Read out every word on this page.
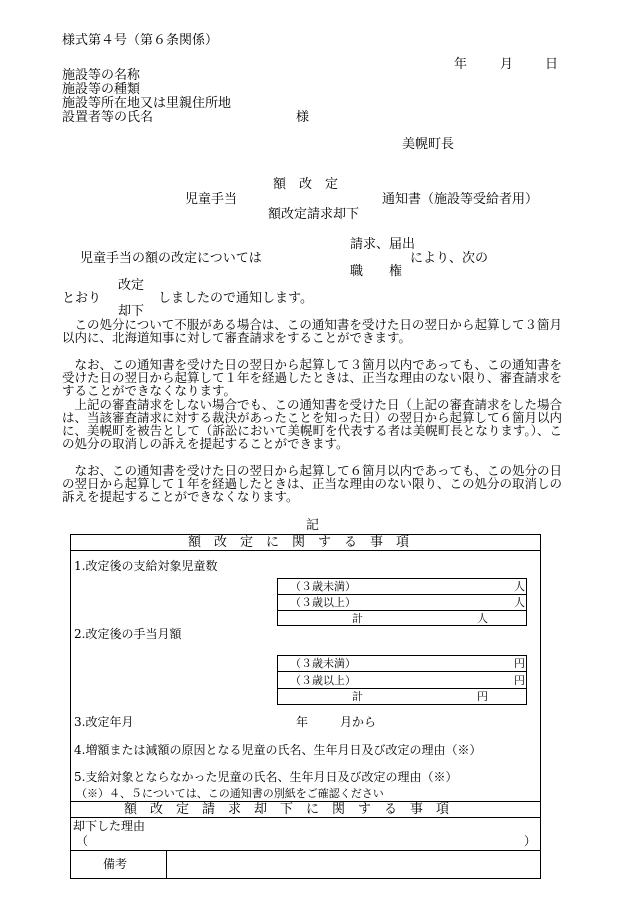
様式第４号（第６条関係）
年	月 日
施設等の名称
施設等の種類
施設等所在地又は里親住所地
設置者等の氏名	様
美幌町長
額　改　定
児童手当	通知書（施設等受給者用）
額改定請求却下
請求、届出
児童手当の額の改定については	により、次の
職　　権
改定
とおり	しましたので通知します。
却下
この処分について不服がある場合は、この通知書を受けた日の翌日から起算して３箇月以内に、北海道知事に対して審査請求をすることができます。
なお、この通知書を受けた日の翌日から起算して３箇月以内であっても、この通知書を受けた日の翌日から起算して１年を経過したときは、正当な理由のない限り、審査請求をすることができなくなります。
上記の審査請求をしない場合でも、この通知書を受けた日（上記の審査請求をした場合は、当該審査請求に対する裁決があったことを知った日）の翌日から起算して６箇月以内に、美幌町を被告として（訴訟において美幌町を代表する者は美幌町長となります。）、この処分の取消しの訴えを提起することができます。
なお、この通知書を受けた日の翌日から起算して６箇月以内であっても、この処分の日の翌日から起算して１年を経過したときは、正当な理由のない限り、この処分の取消しの訴えを提起することができなくなります。
記
額　改　定　に　関　す　る　事　項
1.改定後の支給対象児童数
（３歳未満）	人
（３歳以上）	人
計	人
2.改定後の手当月額
（３歳未満）	円
（３歳以上）	円
計	円
3.改定年月	年	月から
4.増額または減額の原因となる児童の氏名、生年月日及び改定の理由（※）
5.支給対象とならなかった児童の氏名、生年月日及び改定の理由（※）
（※）４、５については、この通知書の別紙をご確認ください
額　改　定　請　求　却　下　に　関　す　る　事　項
却下した理由
（	）
備考
